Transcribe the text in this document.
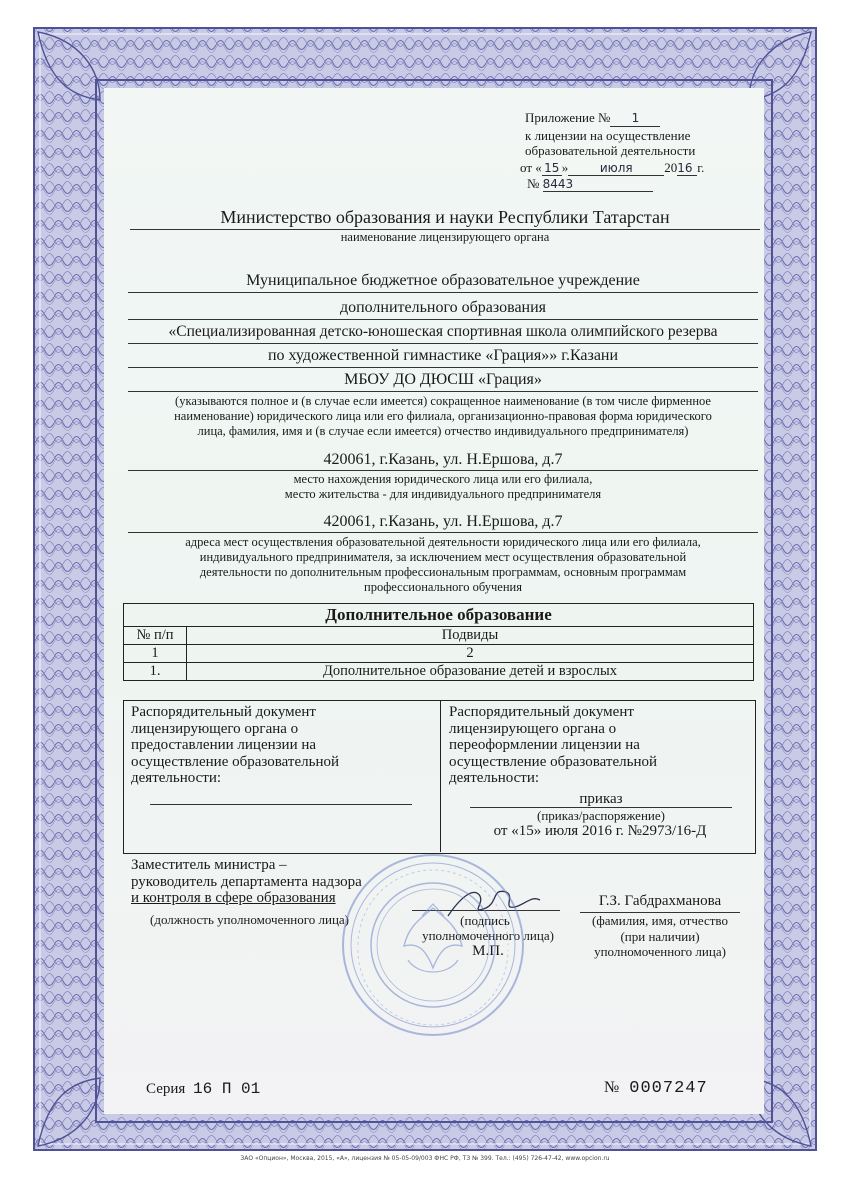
Приложение № 1
к лицензии на осуществление
образовательной деятельности
от « 15 »	июля 2016 г.
№ 8443
Министерство образования и науки Республики Татарстан
наименование лицензирующего органа
Муниципальное бюджетное образовательное учреждение
дополнительного образования
«Специализированная детско-юношеская спортивная школа олимпийского резерва
по художественной гимнастике «Грация»» г.Казани
МБОУ ДО ДЮСШ «Грация»
(указываются полное и (в случае если имеется) сокращенное наименование (в том числе фирменное
наименование) юридического лица или его филиала, организационно-правовая форма юридического
лица, фамилия, имя и (в случае если имеется) отчество индивидуального предпринимателя)
420061, г.Казань, ул. Н.Ершова, д.7
место нахождения юридического лица или его филиала,
место жительства - для индивидуального предпринимателя
420061, г.Казань, ул. Н.Ершова, д.7
адреса мест осуществления образовательной деятельности юридического лица или его филиала,
индивидуального предпринимателя, за исключением мест осуществления образовательной
деятельности по дополнительным профессиональным программам, основным программам
профессионального обучения
Дополнительное образование	
№ п/п	Подвиды
1	2
1.	Дополнительное образование детей и взрослых
Распорядительный документ
лицензирующего органа о
предоставлении лицензии на
осуществление образовательной
деятельности:
Распорядительный документ
лицензирующего органа о
переоформлении лицензии на
осуществление образовательной
деятельности:
приказ
(приказ/распоряжение)
от «15» июля 2016 г. №2973/16-Д
Заместитель министра –
руководитель департамента надзора
и контроля в сфере образования
(должность уполномоченного лица)	(подпись
уполномоченного лица)
М.П.
Г.З. Габдрахманова
(фамилия, имя, отчество
(при наличии)
уполномоченного лица)
Серия 16 П 01	№ 0007247
ЗАО «Опцион», Москва, 2015, «А», лицензия № 05-05-09/003 ФНС РФ, ТЗ № 399. Тел.: (495) 726-47-42, www.opcion.ru
